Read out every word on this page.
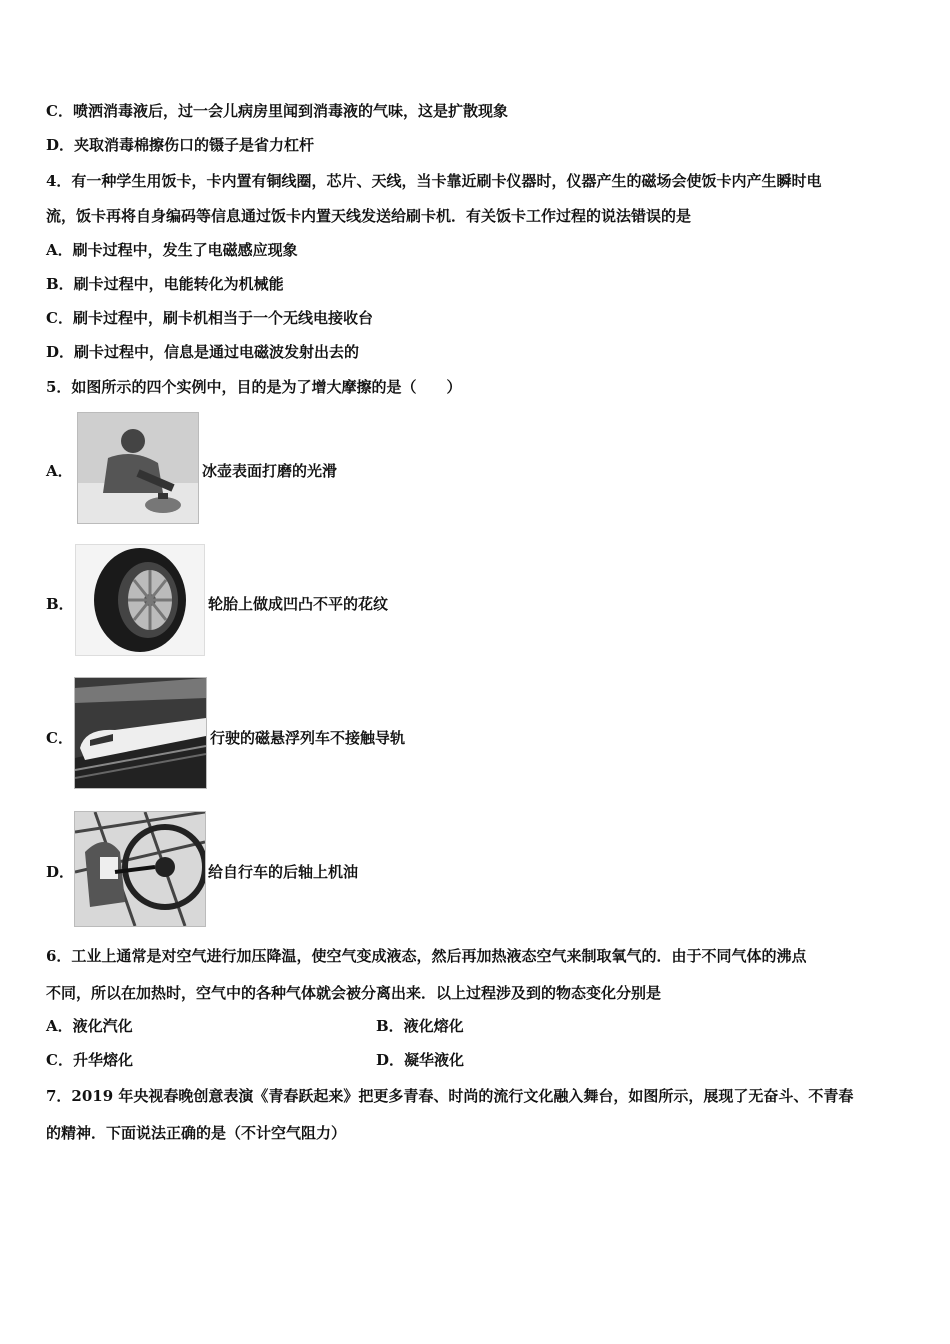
C．喷洒消毒液后，过一会儿病房里闻到消毒液的气味，这是扩散现象
D．夹取消毒棉擦伤口的镊子是省力杠杆
4．有一种学生用饭卡，卡内置有铜线圈，芯片、天线，当卡靠近刷卡仪器时，仪器产生的磁场会使饭卡内产生瞬时电
流，饭卡再将自身编码等信息通过饭卡内置天线发送给刷卡机．有关饭卡工作过程的说法错误的是
A．刷卡过程中，发生了电磁感应现象
B．刷卡过程中，电能转化为机械能
C．刷卡过程中，刷卡机相当于一个无线电接收台
D．刷卡过程中，信息是通过电磁波发射出去的
5．如图所示的四个实例中，目的是为了增大摩擦的是（　　）
A．	冰壶表面打磨的光滑
B．	轮胎上做成凹凸不平的花纹
C．	行驶的磁悬浮列车不接触导轨
D．	给自行车的后轴上机油
6．工业上通常是对空气进行加压降温，使空气变成液态，然后再加热液态空气来制取氧气的．由于不同气体的沸点
不同，所以在加热时，空气中的各种气体就会被分离出来．以上过程涉及到的物态变化分别是
A．液化汽化	B．液化熔化
C．升华熔化	D．凝华液化
7．2019 年央视春晚创意表演《青春跃起来》把更多青春、时尚的流行文化融入舞台，如图所示，展现了无奋斗、不青春
的精神．下面说法正确的是（不计空气阻力）
